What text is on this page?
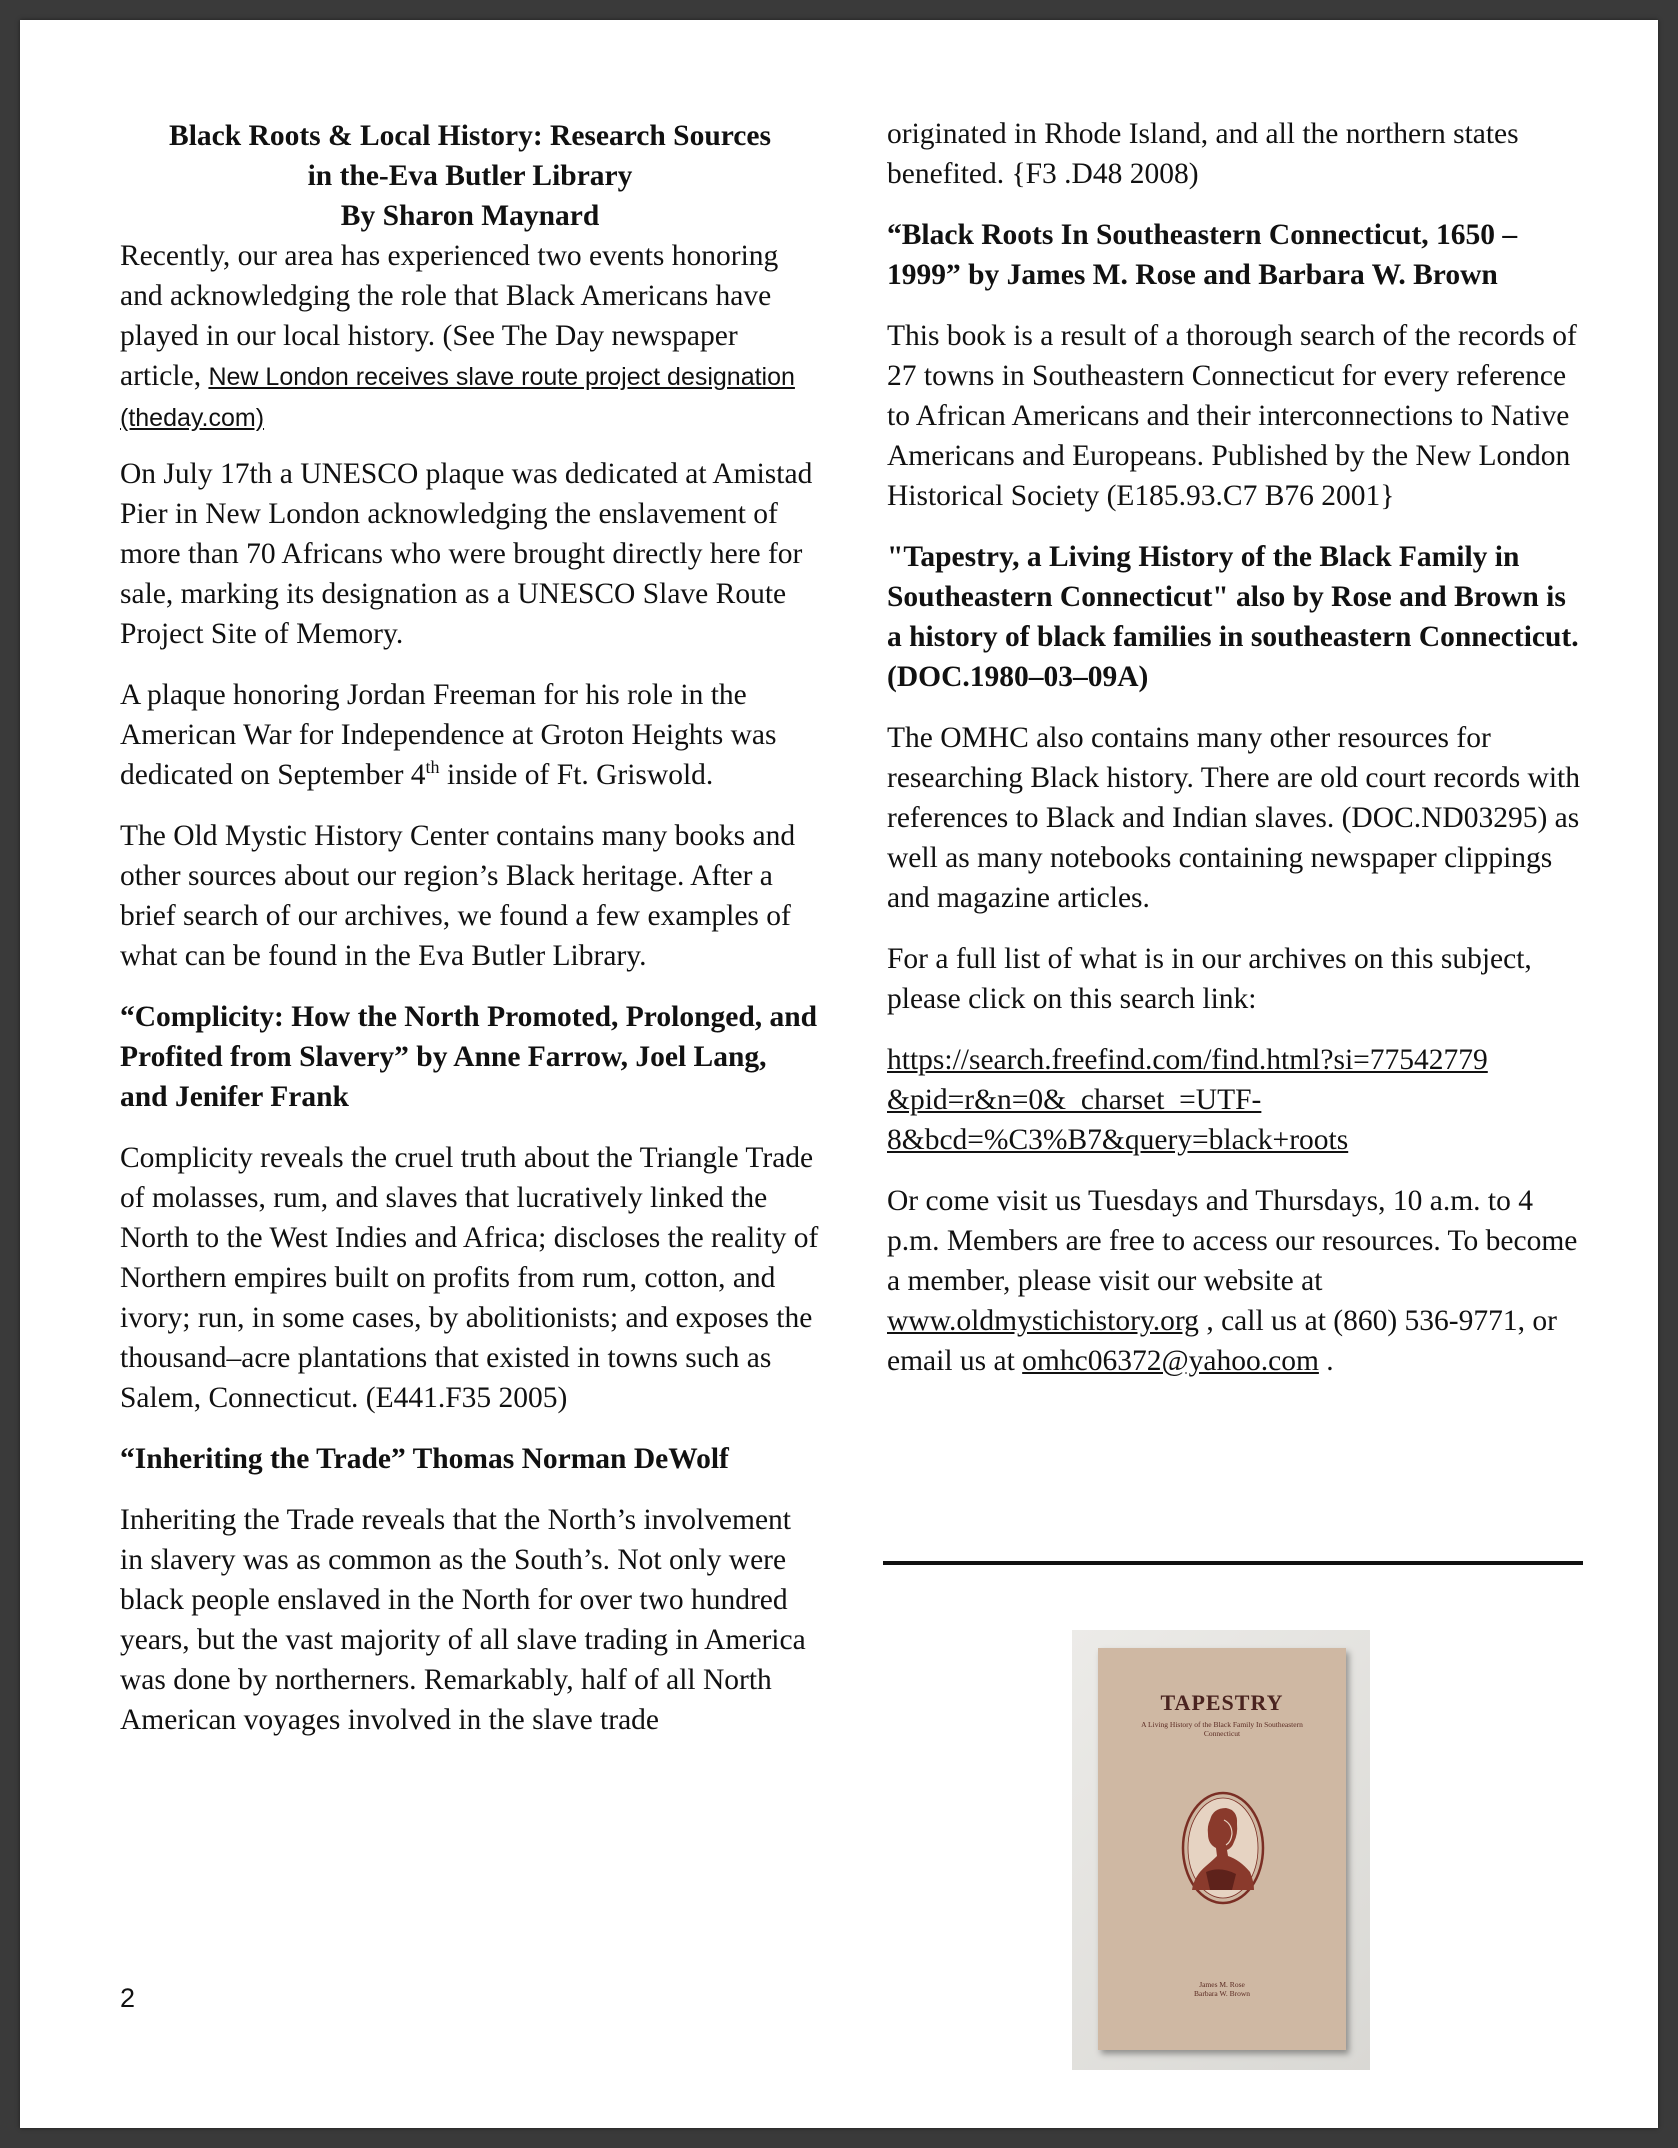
Black Roots & Local History: Research Sources
in the-Eva Butler Library
By Sharon Maynard

Recently, our area has experienced two events honoring and acknowledging the role that Black Americans have played in our local history. (See The Day newspaper article, New London receives slave route project designation (theday.com)

On July 17th a UNESCO plaque was dedicated at Amistad Pier in New London acknowledging the enslavement of more than 70 Africans who were brought directly here for sale, marking its designation as a UNESCO Slave Route Project Site of Memory.

A plaque honoring Jordan Freeman for his role in the American War for Independence at Groton Heights was dedicated on September 4th inside of Ft. Griswold.

The Old Mystic History Center contains many books and other sources about our region’s Black heritage. After a brief search of our archives, we found a few examples of what can be found in the Eva Butler Library.

“Complicity: How the North Promoted, Prolonged, and Profited from Slavery” by Anne Farrow, Joel Lang, and Jenifer Frank

Complicity reveals the cruel truth about the Triangle Trade of molasses, rum, and slaves that lucratively linked the North to the West Indies and Africa; discloses the reality of Northern empires built on profits from rum, cotton, and ivory; run, in some cases, by abolitionists; and exposes the thousand–acre plantations that existed in towns such as Salem, Connecticut. (E441.F35 2005)

“Inheriting the Trade” Thomas Norman DeWolf

Inheriting the Trade reveals that the North’s involvement in slavery was as common as the South’s. Not only were black people enslaved in the North for over two hundred years, but the vast majority of all slave trading in America was done by northerners. Remarkably, half of all North American voyages involved in the slave trade

originated in Rhode Island, and all the northern states benefited. {F3 .D48 2008)

“Black Roots In Southeastern Connecticut, 1650 – 1999” by James M. Rose and Barbara W. Brown

This book is a result of a thorough search of the records of 27 towns in Southeastern Connecticut for every reference to African Americans and their interconnections to Native Americans and Europeans. Published by the New London Historical Society (E185.93.C7 B76 2001}

"Tapestry, a Living History of the Black Family in Southeastern Connecticut" also by Rose and Brown is a history of black families in southeastern Connecticut.(DOC.1980–03–09A)

The OMHC also contains many other resources for researching Black history. There are old court records with references to Black and Indian slaves. (DOC.ND03295) as well as many notebooks containing newspaper clippings and magazine articles.

For a full list of what is in our archives on this subject, please click on this search link:

https://search.freefind.com/find.html?si=77542779
&pid=r&n=0&_charset_=UTF-
8&bcd=%C3%B7&query=black+roots

Or come visit us Tuesdays and Thursdays, 10 a.m. to 4 p.m. Members are free to access our resources. To become a member, please visit our website at www.oldmystichistory.org , call us at (860) 536-9771, or email us at omhc06372@yahoo.com .

2
TAPESTRY
A Living History of the Black Family In Southeastern Connecticut
James M. Rose
Barbara W. Brown
